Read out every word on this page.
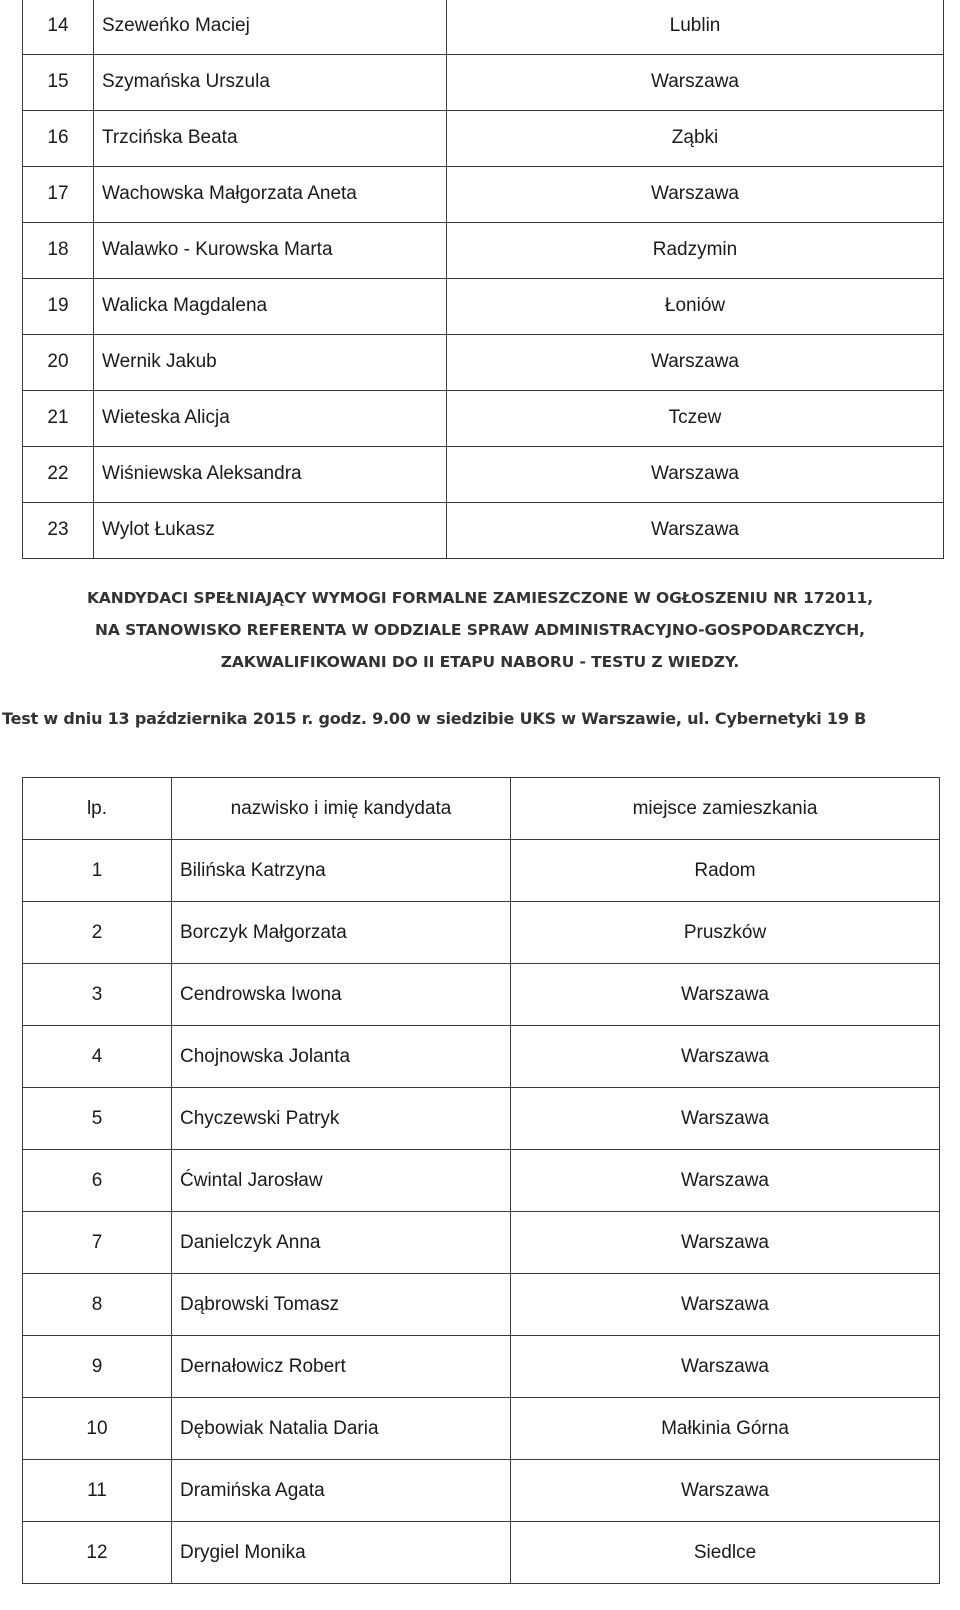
14	Szeweńko Maciej	Lublin
15	Szymańska Urszula	Warszawa
16	Trzcińska Beata	Ząbki
17	Wachowska Małgorzata Aneta	Warszawa
18	Walawko - Kurowska Marta	Radzymin
19	Walicka Magdalena	Łoniów
20	Wernik Jakub	Warszawa
21	Wieteska Alicja	Tczew
22	Wiśniewska Aleksandra	Warszawa
23	Wylot Łukasz	Warszawa
KANDYDACI SPEŁNIAJĄCY WYMOGI FORMALNE ZAMIESZCZONE W OGŁOSZENIU NR 172011,
NA STANOWISKO REFERENTA W ODDZIALE SPRAW ADMINISTRACYJNO-GOSPODARCZYCH,
ZAKWALIFIKOWANI DO II ETAPU NABORU - TESTU Z WIEDZY.
Test w dniu 13 października 2015 r. godz. 9.00 w siedzibie UKS w Warszawie, ul. Cybernetyki 19 B
lp.	nazwisko i imię kandydata	miejsce zamieszkania
1	Bilińska Katrzyna	Radom
2	Borczyk Małgorzata	Pruszków
3	Cendrowska Iwona	Warszawa
4	Chojnowska Jolanta	Warszawa
5	Chyczewski Patryk	Warszawa
6	Ćwintal Jarosław	Warszawa
7	Danielczyk Anna	Warszawa
8	Dąbrowski Tomasz	Warszawa
9	Dernałowicz Robert	Warszawa
10	Dębowiak Natalia Daria	Małkinia Górna
11	Dramińska Agata	Warszawa
12	Drygiel Monika	Siedlce
